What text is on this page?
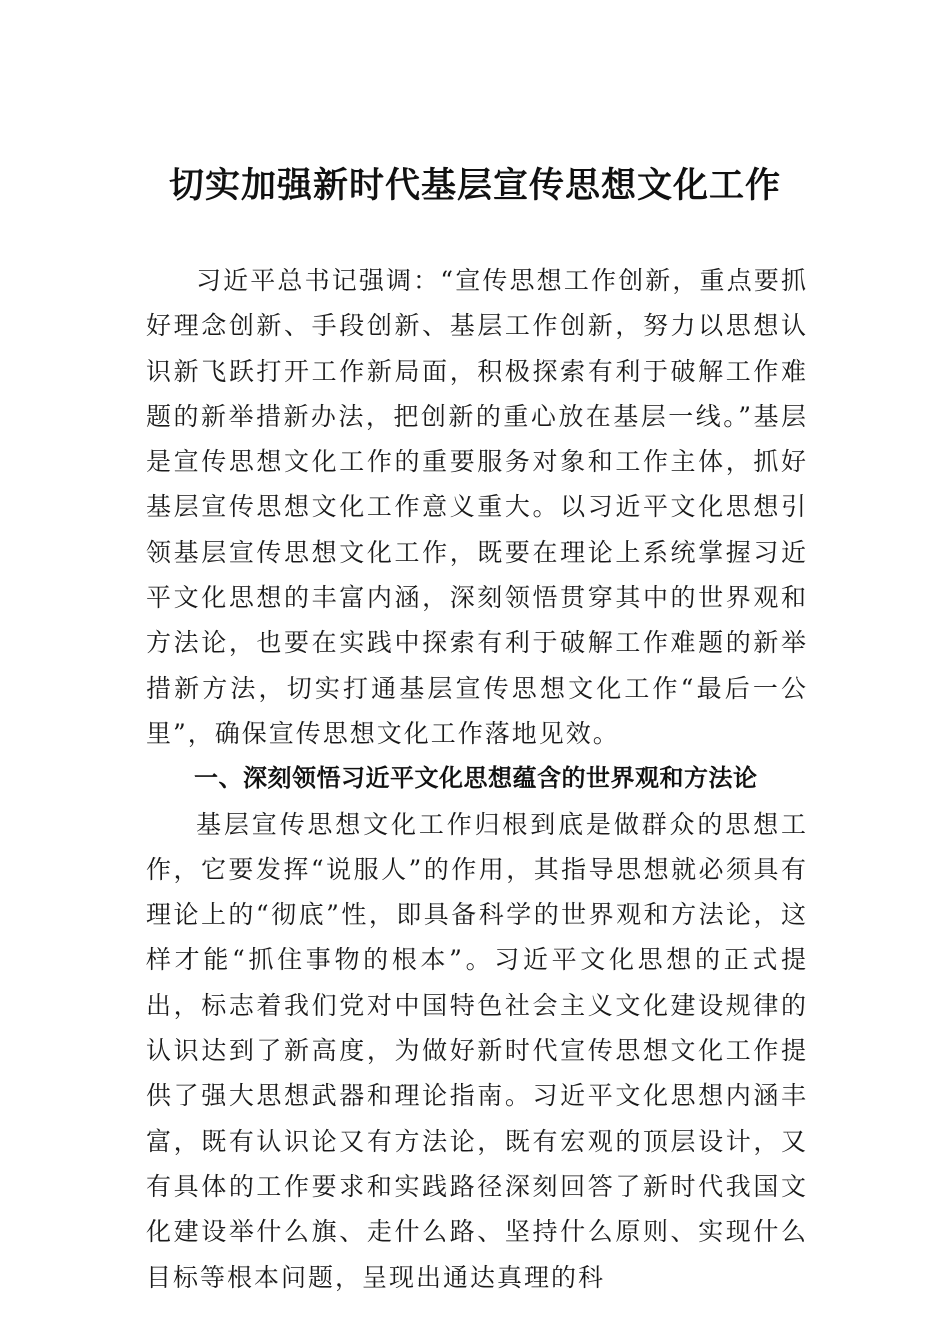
切实加强新时代基层宣传思想文化工作

习近平总书记强调：“宣传思想工作创新，重点要抓好理念创新、手段创新、基层工作创新，努力以思想认识新飞跃打开工作新局面，积极探索有利于破解工作难题的新举措新办法，把创新的重心放在基层一线。”基层是宣传思想文化工作的重要服务对象和工作主体，抓好基层宣传思想文化工作意义重大。以习近平文化思想引领基层宣传思想文化工作，既要在理论上系统掌握习近平文化思想的丰富内涵，深刻领悟贯穿其中的世界观和方法论，也要在实践中探索有利于破解工作难题的新举措新方法，切实打通基层宣传思想文化工作“最后一公里”，确保宣传思想文化工作落地见效。

一、深刻领悟习近平文化思想蕴含的世界观和方法论

基层宣传思想文化工作归根到底是做群众的思想工作，它要发挥“说服人”的作用，其指导思想就必须具有理论上的“彻底”性，即具备科学的世界观和方法论，这样才能“抓住事物的根本”。习近平文化思想的正式提出，标志着我们党对中国特色社会主义文化建设规律的认识达到了新高度，为做好新时代宣传思想文化工作提供了强大思想武器和理论指南。习近平文化思想内涵丰富，既有认识论又有方法论，既有宏观的顶层设计，又有具体的工作要求和实践路径深刻回答了新时代我国文化建设举什么旗、走什么路、坚持什么原则、实现什么目标等根本问题，呈现出通达真理的科
